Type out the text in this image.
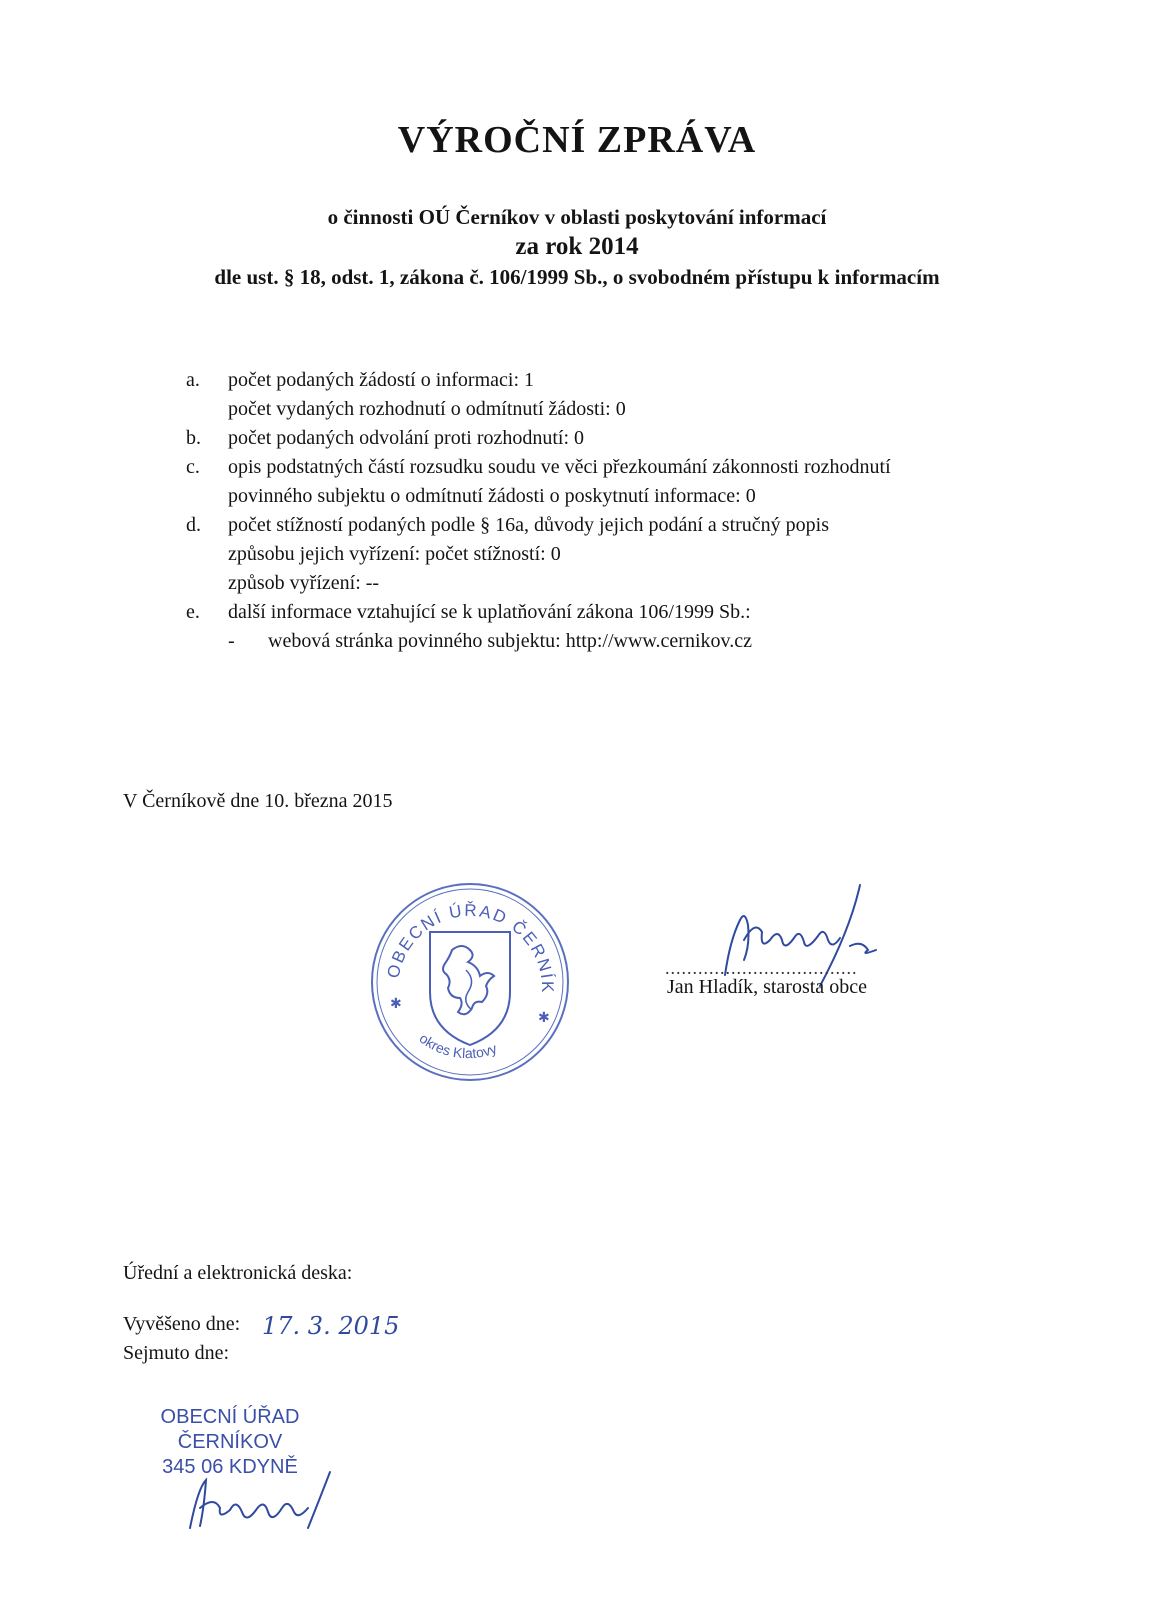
VÝROČNÍ ZPRÁVA

o činnosti OÚ Černíkov v oblasti poskytování informací

za rok 2014

dle ust. § 18, odst. 1, zákona č. 106/1999 Sb., o svobodném přístupu k informacím

a.	počet podaných žádostí o informaci: 1
počet vydaných rozhodnutí o odmítnutí žádosti: 0
b.	počet podaných odvolání proti rozhodnutí: 0
c.	opis podstatných částí rozsudku soudu ve věci přezkoumání zákonnosti rozhodnutí
povinného subjektu o odmítnutí žádosti o poskytnutí informace: 0
d.	počet stížností podaných podle § 16a, důvody jejich podání a stručný popis
způsobu jejich vyřízení: počet stížností: 0
způsob vyřízení: --
e.	další informace vztahující se k uplatňování zákona 106/1999 Sb.:
-	webová stránka povinného subjektu: http://www.cernikov.cz
V Černíkově dne 10. března 2015
OBECNÍ ÚŘAD ČERNÍK
okres Klatovy
✱
✱
...................................
Jan Hladík, starosta obce
Úřední a elektronická deska:
Vyvěšeno dne: 17. 3. 2015
Sejmuto dne:
OBECNÍ ÚŘAD
ČERNÍKOV
345 06 KDYNĚ
